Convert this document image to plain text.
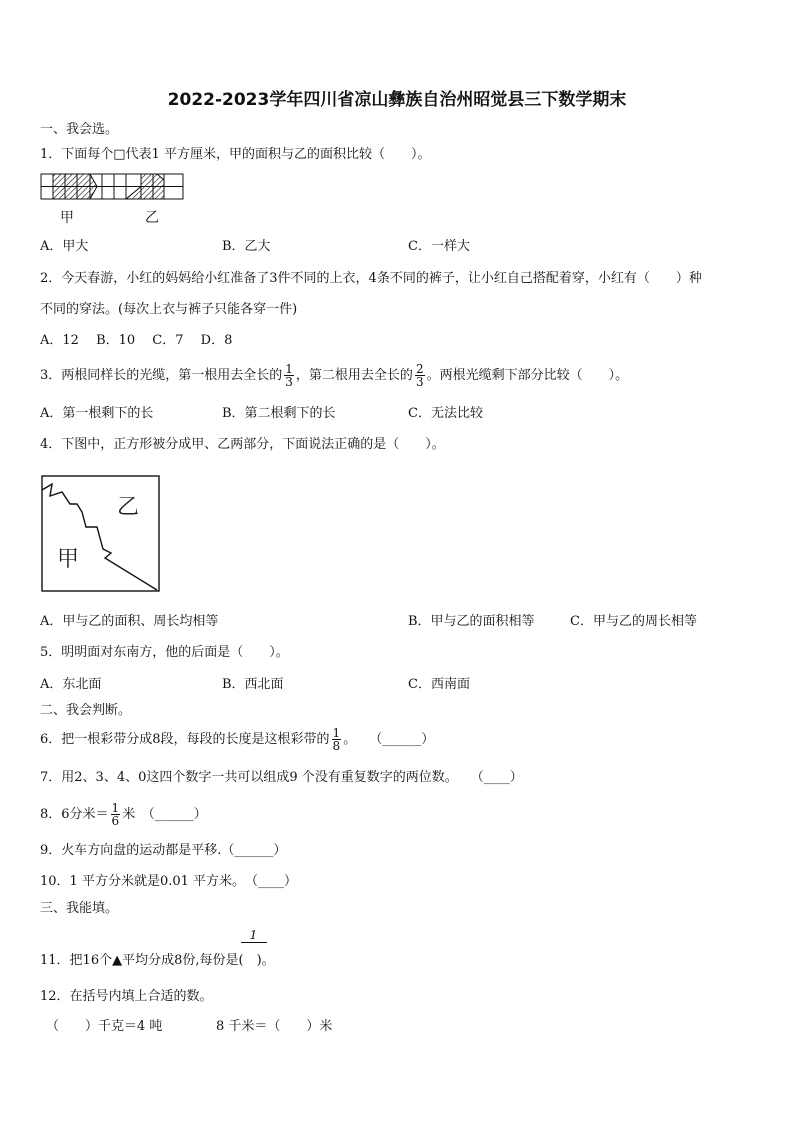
2022-2023学年四川省凉山彝族自治州昭觉县三下数学期末
一、我会选。
1．下面每个□代表1 平方厘米，甲的面积与乙的面积比较（　　）。
甲	乙
A．甲大	B．乙大	C．一样大
2．今天春游，小红的妈妈给小红准备了3件不同的上衣，4条不同的裤子，让小红自己搭配着穿，小红有（　　）种
不同的穿法。(每次上衣与裤子只能各穿一件)
A．12　 B．10　 C．7　 D．8
3．两根同样长的光缆，第一根用去全长的 $\frac{1}{3}$ ，第二根用去全长的 $\frac{2}{3}$ 。两根光缆剩下部分比较（　　）。
A．第一根剩下的长	B．第二根剩下的长	C．无法比较
4．下图中，正方形被分成甲、乙两部分，下面说法正确的是（　　）。
乙
甲
A．甲与乙的面积、周长均相等	B．甲与乙的面积相等	C．甲与乙的周长相等
5．明明面对东南方，他的后面是（　　）。
A．东北面	B．西北面	C．西南面
二、我会判断。
6．把一根彩带分成8段，每段的长度是这根彩带的 $\frac{1}{8}$ 。　　（______）
7．用2、3、4、0这四个数字一共可以组成9 个没有重复数字的两位数。　　（____）
8．6分米＝ $\frac{1}{6}$ 米　（______）
9．火车方向盘的运动都是平移.（______）
10．1 平方分米就是0.01 平方米。　（____）
三、我能填。
11．把16个▲平均分成8份,每份是
1
(　)。
12．在括号内填上合适的数。
（　　）千克＝4 吨	8 千米＝（　　）米
